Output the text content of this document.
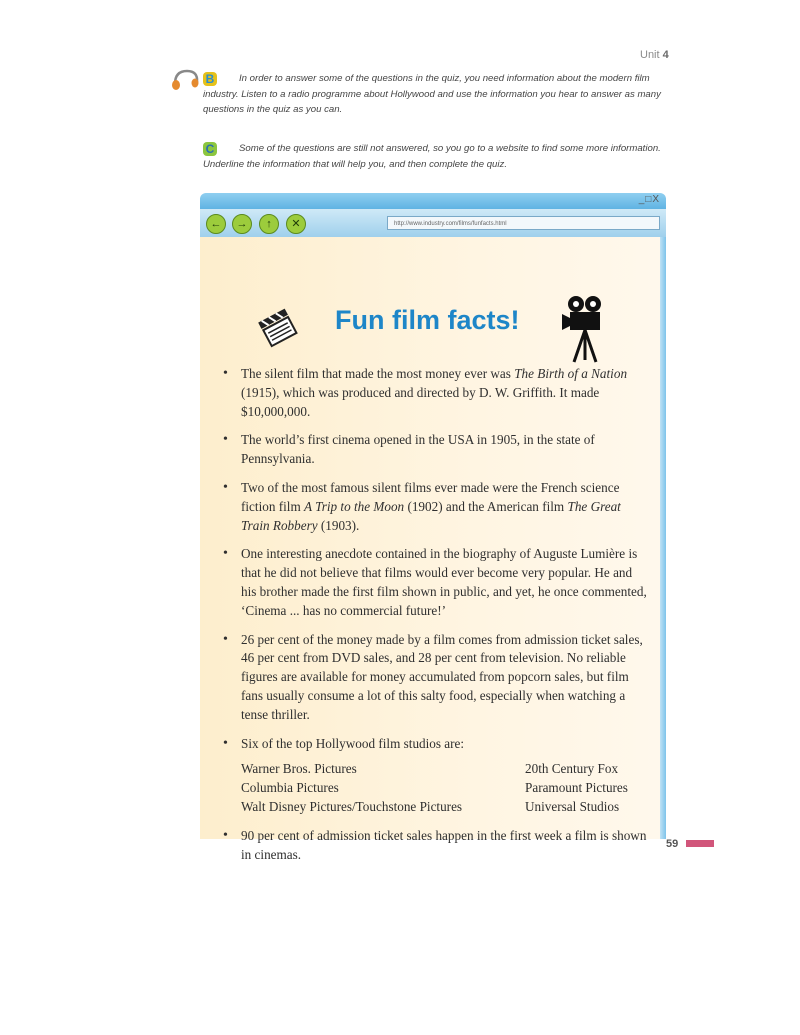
Unit 4
B	In order to answer some of the questions in the quiz, you need information about the modern film industry. Listen to a radio programme about Hollywood and use the information you hear to answer as many questions in the quiz as you can.
C	Some of the questions are still not answered, so you go to a website to find some more information. Underline the information that will help you, and then complete the quiz.
_□X
←	→	↑	✕	http://www.industry.com/films/funfacts.html
Fun film facts!
• The silent film that made the most money ever was The Birth of a Nation (1915), which was produced and directed by D. W. Griffith. It made $10,000,000.
• The world’s first cinema opened in the USA in 1905, in the state of Pennsylvania.
• Two of the most famous silent films ever made were the French science fiction film A Trip to the Moon (1902) and the American film The Great Train Robbery (1903).
• One interesting anecdote contained in the biography of Auguste Lumière is that he did not believe that films would ever become very popular. He and his brother made the first film shown in public, and yet, he once commented, ‘Cinema ... has no commercial future!’
• 26 per cent of the money made by a film comes from admission ticket sales, 46 per cent from DVD sales, and 28 per cent from television. No reliable figures are available for money accumulated from popcorn sales, but film fans usually consume a lot of this salty food, especially when watching a tense thriller.
• Six of the top Hollywood film studios are:
Warner Bros. Pictures	20th Century Fox
Columbia Pictures	Paramount Pictures
Walt Disney Pictures/Touchstone Pictures	Universal Studios
• 90 per cent of admission ticket sales happen in the first week a film is shown in cinemas.
59
